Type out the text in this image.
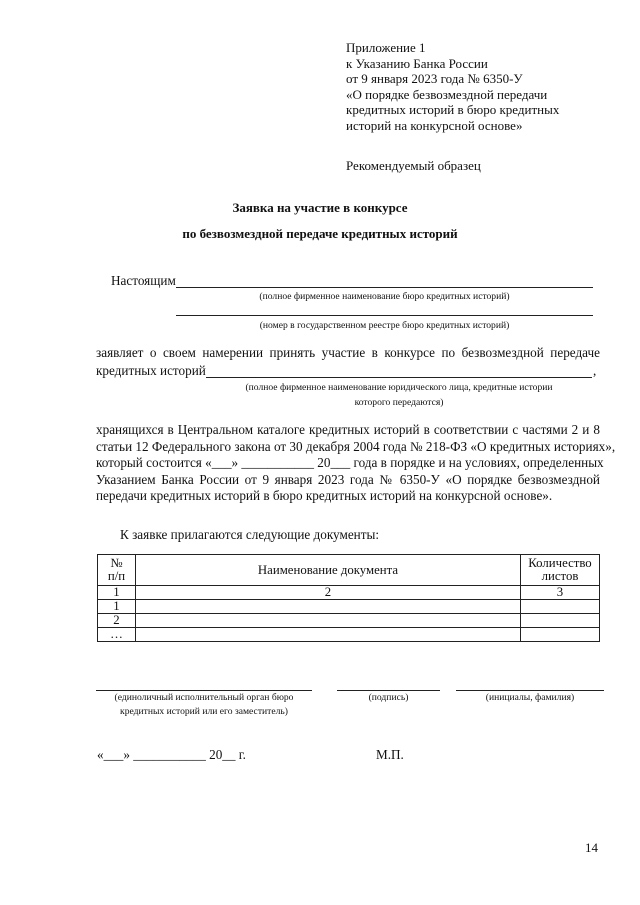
Приложение 1
к Указанию Банка России
от 9 января 2023 года № 6350-У
«О порядке безвозмездной передачи
кредитных историй в бюро кредитных
историй на конкурсной основе»
Рекомендуемый образец
Заявка на участие в конкурсе
по безвозмездной передаче кредитных историй
Настоящим
(полное фирменное наименование бюро кредитных историй)
(номер в государственном реестре бюро кредитных историй)
заявляет о своем намерении принять участие в конкурсе по безвозмездной передаче
кредитных историй	,
(полное фирменное наименование юридического лица, кредитные истории
которого передаются)
хранящихся в Центральном каталоге кредитных историй в соответствии с частями 2 и 8
статьи 12 Федерального закона от 30 декабря 2004 года № 218-ФЗ «О кредитных историях»,
который состоится «___» ___________ 20___ года в порядке и на условиях, определенных
Указанием Банка России от 9 января 2023 года № 6350-У «О порядке безвозмездной
передачи кредитных историй в бюро кредитных историй на конкурсной основе».
К заявке прилагаются следующие документы:
№
п/п	Наименование документа	Количество
листов
1	2	3
1		
2		
…		
(единоличный исполнительный орган бюро
кредитных историй или его заместитель)
(подпись)	(инициалы, фамилия)
«___» ___________ 20__ г.	М.П.
14
